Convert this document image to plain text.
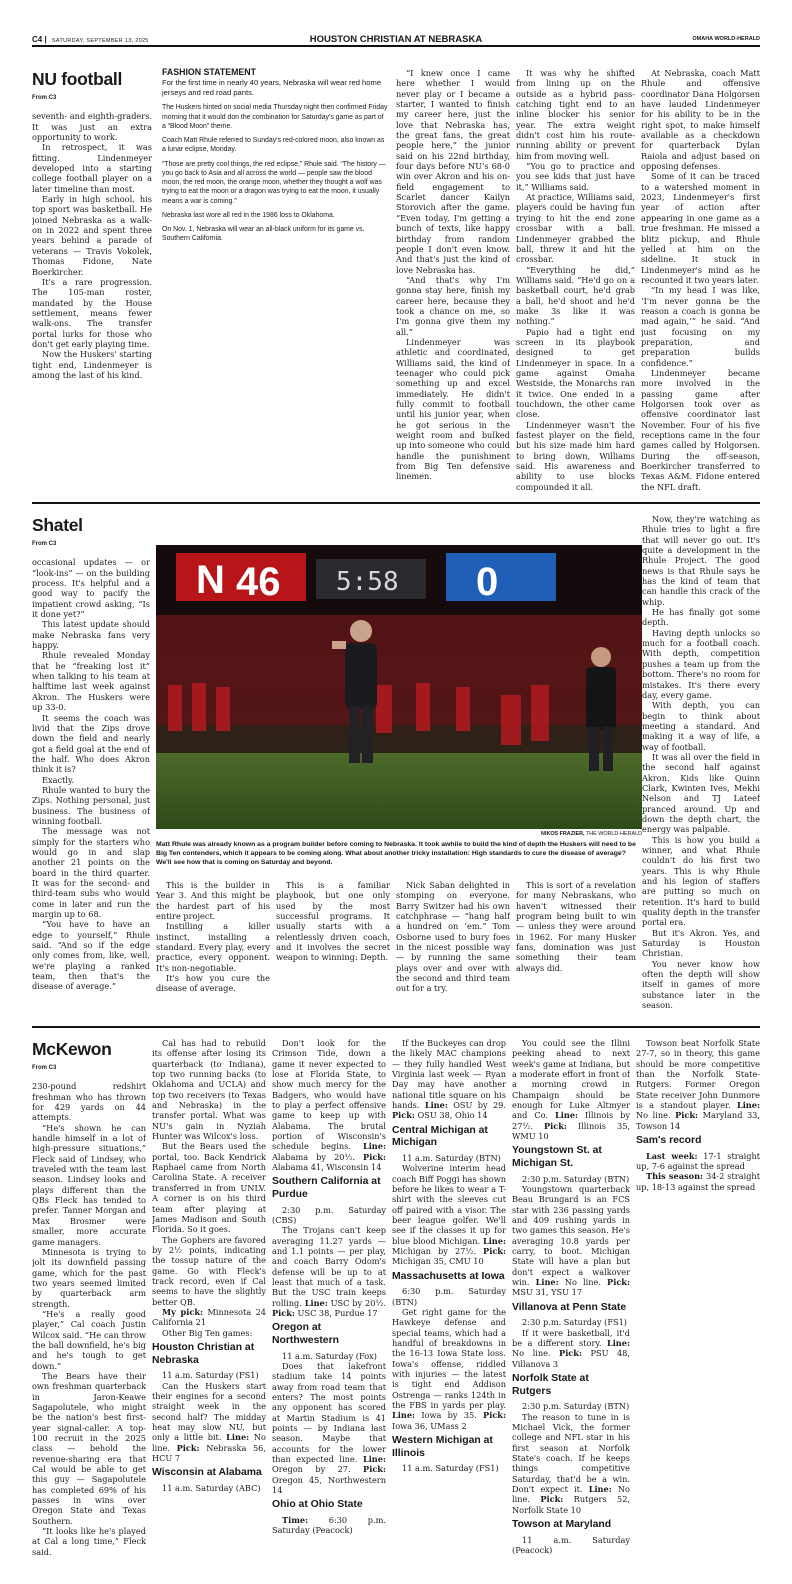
C4 | SATURDAY, SEPTEMBER 13, 2025	HOUSTON CHRISTIAN AT NEBRASKA	OMAHA WORLD-HERALD
NU football
From C3

seventh- and eighth-graders. It was just an extra opportunity to work.

In retrospect, it was fitting. Lindenmeyer developed into a starting college football player on a later timeline than most.

Early in high school, his top sport was basketball. He joined Nebraska as a walk-on in 2022 and spent three years behind a parade of veterans — Travis Vokolek, Thomas Fidone, Nate Boerkircher.

It's a rare progression. The 105-man roster, mandated by the House settlement, means fewer walk-ons. The transfer portal lurks for those who don't get early playing time.

Now the Huskers' starting tight end, Lindenmeyer is among the last of his kind.

FASHION STATEMENT

For the first time in nearly 40 years, Nebraska will wear red home jerseys and red road pants.

The Huskers hinted on social media Thursday night then confirmed Friday morning that it would don the combination for Saturday's game as part of a “Blood Moon” theme.

Coach Matt Rhule referred to Sunday's red-colored moon, also known as a lunar eclipse, Monday.

“Those are pretty cool things, the red eclipse,” Rhule said. “The history — you go back to Asia and all across the world — people saw the blood moon, the red moon, the orange moon, whether they thought a wolf was trying to eat the moon or a dragon was trying to eat the moon, it usually means a war is coming.”

Nebraska last wore all red in the 1986 loss to Oklahoma.

On Nov. 1, Nebraska will wear an all-black uniform for its game vs. Southern California.

“I knew once I came here whether I would never play or I became a starter, I wanted to finish my career here, just the love that Nebraska has, the great fans, the great people here,” the junior said on his 22nd birthday, four days before NU's 68-0 win over Akron and his on-field engagement to Scarlet dancer Kailyn Storovich after the game. “Even today, I'm getting a bunch of texts, like happy birthday from random people I don't even know. And that's just the kind of love Nebraska has.

“And that's why I'm gonna stay here, finish my career here, because they took a chance on me, so I'm gonna give them my all.”

Lindenmeyer was athletic and coordinated, Williams said, the kind of teenager who could pick something up and excel immediately. He didn't fully commit to football until his junior year, when he got serious in the weight room and bulked up into someone who could handle the punishment from Big Ten defensive linemen.

It was why he shifted from lining up on the outside as a hybrid pass-catching tight end to an inline blocker his senior year. The extra weight didn't cost him his route-running ability or prevent him from moving well.

“You go to practice and you see kids that just have it,” Williams said.

At practice, Williams said, players could be having fun trying to hit the end zone crossbar with a ball. Lindenmeyer grabbed the ball, threw it and hit the crossbar.

“Everything he did,” Williams said. “He'd go on a basketball court, he'd grab a ball, he'd shoot and he'd make 3s like it was nothing.”

Papio had a tight end screen in its playbook designed to get Lindenmeyer in space. In a game against Omaha Westside, the Monarchs ran it twice. One ended in a touchdown, the other came close.

Lindenmeyer wasn't the fastest player on the field, but his size made him hard to bring down, Williams said. His awareness and ability to use blocks compounded it all.

At Nebraska, coach Matt Rhule and offensive coordinator Dana Holgorsen have lauded Lindenmeyer for his ability to be in the right spot, to make himself available as a checkdown for quarterback Dylan Raiola and adjust based on opposing defenses.

Some of it can be traced to a watershed moment in 2023, Lindenmeyer's first year of action after appearing in one game as a true freshman. He missed a blitz pickup, and Rhule yelled at him on the sideline. It stuck in Lindenmeyer's mind as he recounted it two years later.

“In my head I was like, ‘I'm never gonna be the reason a coach is gonna be mad again,’” he said. “And just focusing on my preparation, and preparation builds confidence.”

Lindenmeyer became more involved in the passing game after Holgorsen took over as offensive coordinator last November. Four of his five receptions came in the four games called by Holgorsen. During the off-season, Boerkircher transferred to Texas A&M. Fidone entered the NFL draft.

Shatel
From C3

occasional updates — or “look-ins” — on the building process. It's helpful and a good way to pacify the impatient crowd asking, “Is it done yet?”

This latest update should make Nebraska fans very happy.

Rhule revealed Monday that he “freaking lost it” when talking to his team at halftime last week against Akron. The Huskers were up 33-0.

It seems the coach was livid that the Zips drove down the field and nearly got a field goal at the end of the half. Who does Akron think it is?

Exactly.

Rhule wanted to bury the Zips. Nothing personal, just business. The business of winning football.

The message was not simply for the starters who would go in and slap another 21 points on the board in the third quarter. It was for the second- and third-team subs who would come in later and run the margin up to 68.

“You have to have an edge to yourself,” Rhule said. “And so if the edge only comes from, like, well, we're playing a ranked team, then that's the disease of average.”

N 46 5:58 0
NIKOS FRAZIER, THE WORLD-HERALD
Matt Rhule was already known as a program builder before coming to Nebraska. It took awhile to build the kind of depth the Huskers will need to be Big Ten contenders, which it appears to be coming along. What about another tricky installation: High standards to cure the disease of average? We'll see how that is coming on Saturday and beyond.

This is the builder in Year 3. And this might be the hardest part of his entire project.

Instilling a killer instinct, installing a standard. Every play, every practice, every opponent. It's non-negotiable.

It's how you cure the disease of average.

This is a familiar playbook, but one only used by the most successful programs. It usually starts with a relentlessly driven coach, and it involves the secret weapon to winning: Depth.

Nick Saban delighted in stomping on everyone. Barry Switzer had his own catchphrase — “hang half a hundred on ’em.” Tom Osborne used to bury foes in the nicest possible way — by running the same plays over and over with the second and third team out for a try.

This is sort of a revelation for many Nebraskans, who haven't witnessed their program being built to win — unless they were around in 1962. For many Husker fans, domination was just something their team always did.

Now, they're watching as Rhule tries to light a fire that will never go out. It's quite a development in the Rhule Project. The good news is that Rhule says he has the kind of team that can handle this crack of the whip.

He has finally got some depth.

Having depth unlocks so much for a football coach. With depth, competition pushes a team up from the bottom. There's no room for mistakes. It's there every day, every game.

With depth, you can begin to think about meeting a standard. And making it a way of life, a way of football.

It was all over the field in the second half against Akron. Kids like Quinn Clark, Kwinten Ives, Mekhi Nelson and TJ Lateef pranced around. Up and down the depth chart, the energy was palpable.

This is how you build a winner, and what Rhule couldn't do his first two years. This is why Rhule and his legion of staffers are putting so much on retention. It's hard to build quality depth in the transfer portal era.

But it's Akron. Yes, and Saturday is Houston Christian.

You never know how often the depth will show itself in games of more substance later in the season.

McKewon
From C3

230-pound redshirt freshman who has thrown for 429 yards on 44 attempts.

“He's shown he can handle himself in a lot of high-pressure situations,” Fleck said of Lindsey, who traveled with the team last season. Lindsey looks and plays different than the QBs Fleck has tended to prefer. Tanner Morgan and Max Brosmer were smaller, more accurate game managers.

Minnesota is trying to jolt its downfield passing game, which for the past two years seemed limited by quarterback arm strength.

“He's a really good player,” Cal coach Justin Wilcox said. “He can throw the ball downfield, he's big and he's tough to get down.”

The Bears have their own freshman quarterback in Jaron-Keawe Sagapolutele, who might be the nation's best first-year signal-caller. A top-100 recruit in the 2025 class — behold the revenue-sharing era that Cal would be able to get this guy — Sagapolutele has completed 69% of his passes in wins over Oregon State and Texas Southern.

“It looks like he's played at Cal a long time,” Fleck said.

Cal has had to rebuild its offense after losing its quarterback (to Indiana), top two running backs (to Oklahoma and UCLA) and top two receivers (to Texas and Nebraska) in the transfer portal. What was NU's gain in Nyziah Hunter was Wilcox's loss.

But the Bears used the portal, too. Back Kendrick Raphael came from North Carolina State. A receiver transferred in from UNLV. A corner is on his third team after playing at James Madison and South Florida. So it goes.

The Gophers are favored by 2½ points, indicating the tossup nature of the game. Go with Fleck's track record, even if Cal seems to have the slightly better QB.

My pick: Minnesota 24 California 21

Other Big Ten games:

Houston Christian at Nebraska

11 a.m. Saturday (FS1)

Can the Huskers start their engines for a second straight week in the second half? The midday heat may slow NU, but only a little bit. Line: No line. Pick: Nebraska 56, HCU 7

Wisconsin at Alabama

11 a.m. Saturday (ABC)

Don't look for the Crimson Tide, down a game it never expected to lose at Florida State, to show much mercy for the Badgers, who would have to play a perfect offensive game to keep up with Alabama. The brutal portion of Wisconsin's schedule begins. Line: Alabama by 20½. Pick: Alabama 41, Wisconsin 14

Southern California at Purdue

2:30 p.m. Saturday (CBS)

The Trojans can't keep averaging 11.27 yards — and 1.1 points — per play, and coach Barry Odom's defense will be up to at least that much of a task. But the USC train keeps rolling. Line: USC by 20½. Pick: USC 38, Purdue 17

Oregon at Northwestern

11 a.m. Saturday (Fox)

Does that lakefront stadium take 14 points away from road team that enters? The most points any opponent has scored at Martin Stadium is 41 points — by Indiana last season. Maybe that accounts for the lower than expected line. Line: Oregon by 27. Pick: Oregon 45, Northwestern 14

Ohio at Ohio State

Time: 6:30 p.m. Saturday (Peacock)

If the Buckeyes can drop the likely MAC champions — they fully handled West Virginia last week — Ryan Day may have another national title square on his hands. Line: OSU by 29. Pick: OSU 38, Ohio 14

Central Michigan at Michigan

11 a.m. Saturday (BTN)

Wolverine interim head coach Biff Poggi has shown before he likes to wear a T-shirt with the sleeves cut off paired with a visor. The beer league golfer. We'll see if the classes it up for blue blood Michigan. Line: Michigan by 27½. Pick: Michigan 35, CMU 10

Massachusetts at Iowa

6:30 p.m. Saturday (BTN)

Get right game for the Hawkeye defense and special teams, which had a handful of breakdowns in the 16-13 Iowa State loss. Iowa's offense, riddled with injuries — the latest is tight end Addison Ostrenga — ranks 124th in the FBS in yards per play. Line: Iowa by 35. Pick: Iowa 36, UMass 2

Western Michigan at Illinois

11 a.m. Saturday (FS1)

You could see the Illini peeking ahead to next week's game at Indiana, but a moderate effort in front of a morning crowd in Champaign should be enough for Luke Altmyer and Co. Line: Illinois by 27½. Pick: Illinois 35, WMU 10

Youngstown St. at Michigan St.

2:30 p.m. Saturday (BTN)

Youngstown quarterback Beau Brungard is an FCS star with 236 passing yards and 409 rushing yards in two games this season. He's averaging 10.8 yards per carry, to boot. Michigan State will have a plan but don't expect a walkover win. Line: No line. Pick: MSU 31, YSU 17

Villanova at Penn State

2:30 p.m. Saturday (FS1)

If it were basketball, it'd be a different story. Line: No line. Pick: PSU 48, Villanova 3

Norfolk State at Rutgers

2:30 p.m. Saturday (BTN)

The reason to tune in is Michael Vick, the former college and NFL star in his first season at Norfolk State's coach. If he keeps things competitive Saturday, that'd be a win. Don't expect it. Line: No line. Pick: Rutgers 52, Norfolk State 10

Towson at Maryland

11 a.m. Saturday (Peacock)

Towson beat Norfolk State 27-7, so in theory, this game should be more competitive than the Norfolk State-Rutgers. Former Oregon State receiver John Dunmore is a standout player. Line: No line. Pick: Maryland 33, Towson 14

Sam's record

Last week: 17-1 straight up, 7-6 against the spread

This season: 34-2 straight up, 18-13 against the spread
